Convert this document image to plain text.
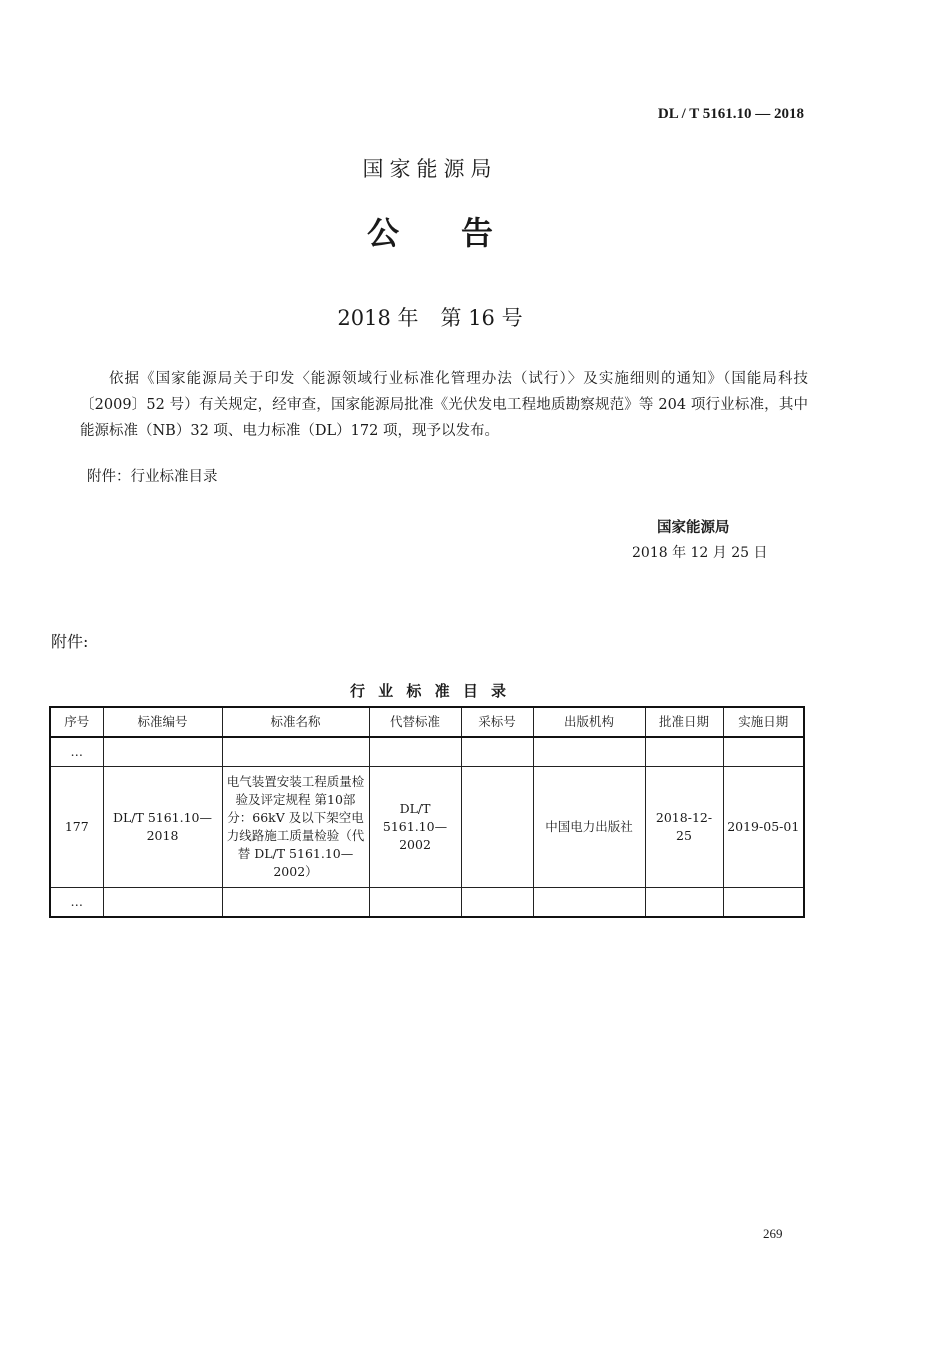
DL / T 5161.10 — 2018
国家能源局
公 告
2018 年 第 16 号

依据《国家能源局关于印发〈能源领域行业标准化管理办法（试行）〉及实施细则的通知》（国能局科技〔2009〕52 号）有关规定，经审查，国家能源局批准《光伏发电工程地质勘察规范》等 204 项行业标准，其中能源标准（NB）32 项、电力标准（DL）172 项，现予以发布。

附件：行业标准目录
国家能源局
2018 年 12 月 25 日
附件:
行 业 标 准 目 录
序号	标准编号	标准名称	代替标准	采标号	出版机构	批准日期	实施日期
…							
177	DL/T 5161.10—2018	电气装置安装工程质量检验及评定规程 第10部分：66kV 及以下架空电力线路施工质量检验（代替 DL/T 5161.10—2002）	DL/T 5161.10—2002		中国电力出版社	2018-12-25	2019-05-01
…							
269
